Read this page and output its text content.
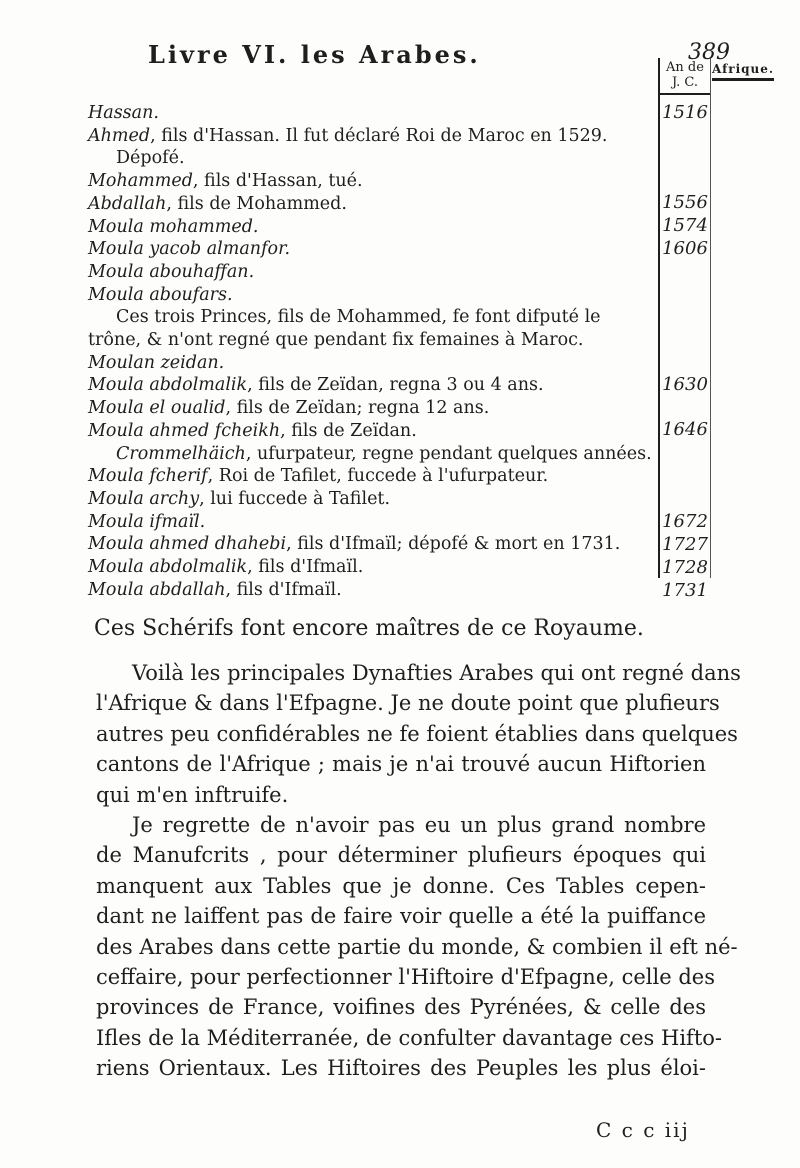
Livre VI. les Arabes.	389
Afrique.
An de
J. C.
1516
1556
1574
1606
1630
1646
1672
1727
1728
1731
Hassan.
Ahmed, fils d'Hassan. Il fut déclaré Roi de Maroc en 1529.
Dépofé.
Mohammed, fils d'Hassan, tué.
Abdallah, fils de Mohammed.
Moula mohammed.
Moula yacob almanfor.
Moula abouhaffan.
Moula aboufars.
Ces trois Princes, fils de Mohammed, fe font difputé le
trône, & n'ont regné que pendant fix femaines à Maroc.
Moulan zeidan.
Moula abdolmalik, fils de Zeïdan, regna 3 ou 4 ans.
Moula el oualid, fils de Zeïdan; regna 12 ans.
Moula ahmed fcheikh, fils de Zeïdan.
Crommelhäich, ufurpateur, regne pendant quelques années.
Moula fcherif, Roi de Tafilet, fuccede à l'ufurpateur.
Moula archy, lui fuccede à Tafilet.
Moula ifmaïl.
Moula ahmed dhahebi, fils d'Ifmaïl; dépofé & mort en 1731.
Moula abdolmalik, fils d'Ifmaïl.
Moula abdallah, fils d'Ifmaïl.
Ces Schérifs font encore maîtres de ce Royaume.
Voilà les principales Dynafties Arabes qui ont regné dans
l'Afrique & dans l'Efpagne. Je ne doute point que plufieurs
autres peu confidérables ne fe foient établies dans quelques
cantons de l'Afrique ; mais je n'ai trouvé aucun Hiftorien
qui m'en inftruife.
Je regrette de n'avoir pas eu un plus grand nombre
de Manufcrits , pour déterminer plufieurs époques qui
manquent aux Tables que je donne. Ces Tables cepen-
dant ne laiffent pas de faire voir quelle a été la puiffance
des Arabes dans cette partie du monde, & combien il eft né-
ceffaire, pour perfectionner l'Hiftoire d'Efpagne, celle des
provinces de France, voifines des Pyrénées, & celle des
Ifles de la Méditerranée, de confulter davantage ces Hifto-
riens Orientaux. Les Hiftoires des Peuples les plus éloi-
C c c iij
